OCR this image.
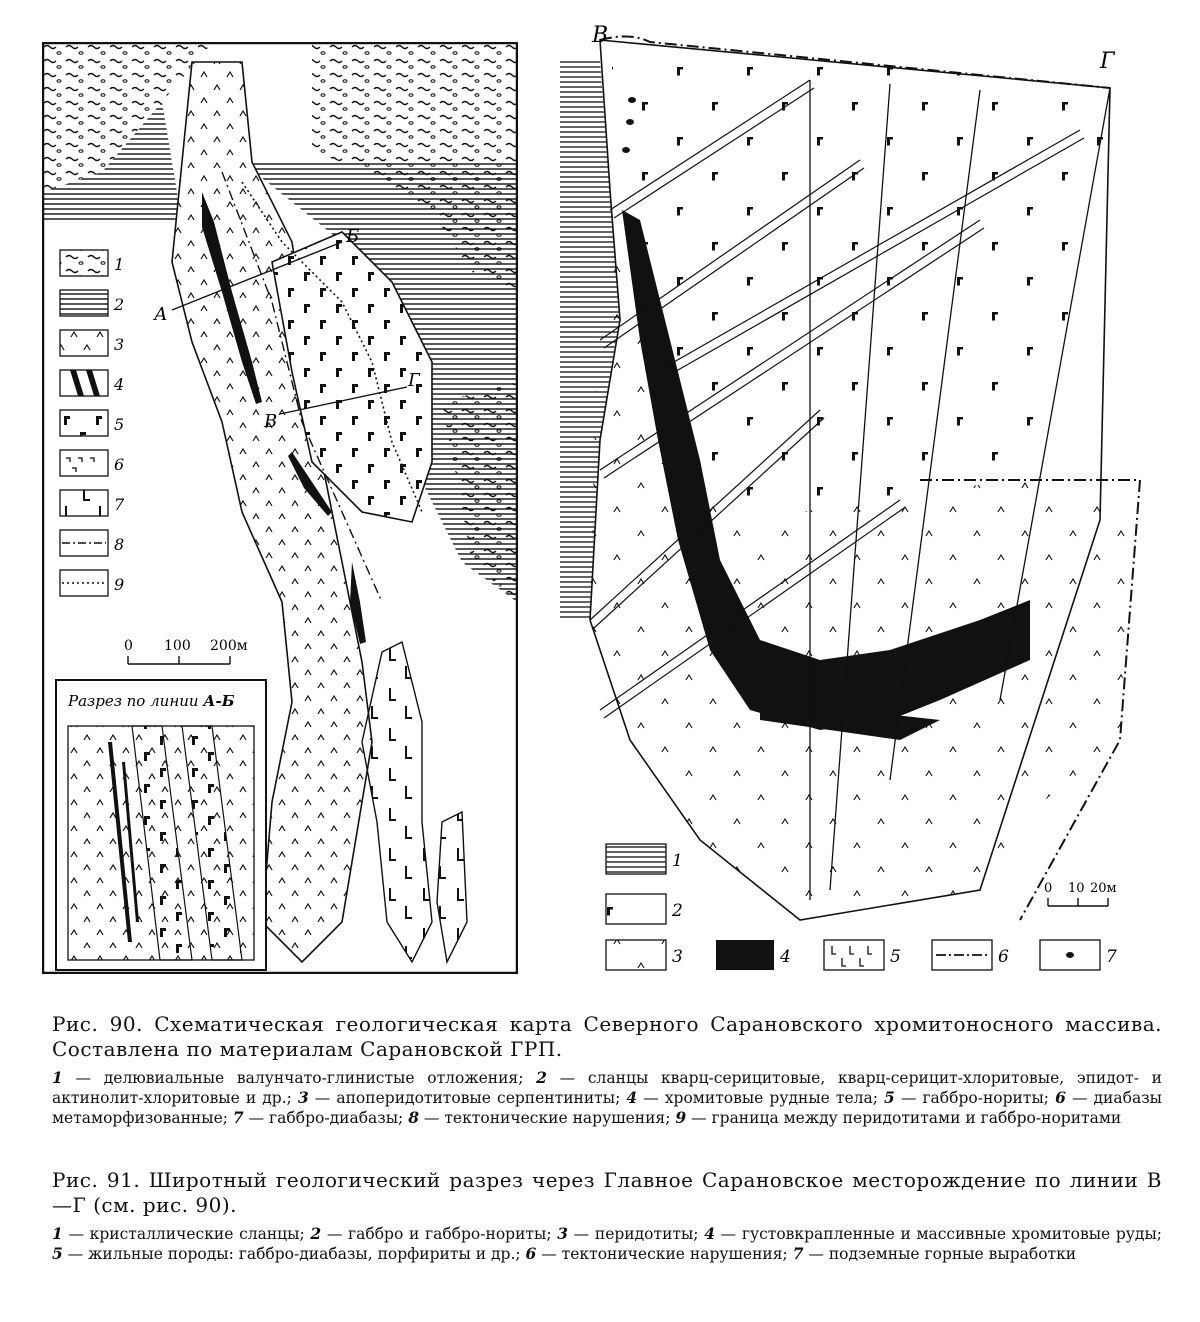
А
Б
В
Г
1
2
3
4
5
6
7
8
9
0 100 200м
Разрез по линии А-Б
В
Г
1
2
3	4	5	6	7
0 10 20м
Рис. 90. Схематическая геологическая карта Северного Сарановского хромитоносного массива. Составлена по материалам Сарановской ГРП.
1 — делювиальные валунчато-глинистые отложения; 2 — сланцы кварц-серицитовые, кварц-серицит-хлоритовые, эпидот- и актинолит-хлоритовые и др.; 3 — апоперидотитовые серпентиниты; 4 — хромитовые рудные тела; 5 — габбро-нориты; 6 — диабазы метаморфизованные; 7 — габбро-диабазы; 8 — тектонические нарушения; 9 — граница между перидотитами и габбро-норитами
Рис. 91. Широтный геологический разрез через Главное Сарановское месторождение по линии В—Г (см. рис. 90).
1 — кристаллические сланцы; 2 — габбро и габбро-нориты; 3 — перидотиты; 4 — густовкрапленные и массивные хромитовые руды; 5 — жильные породы: габбро-диабазы, порфириты и др.; 6 — тектонические нарушения; 7 — подземные горные выработки
